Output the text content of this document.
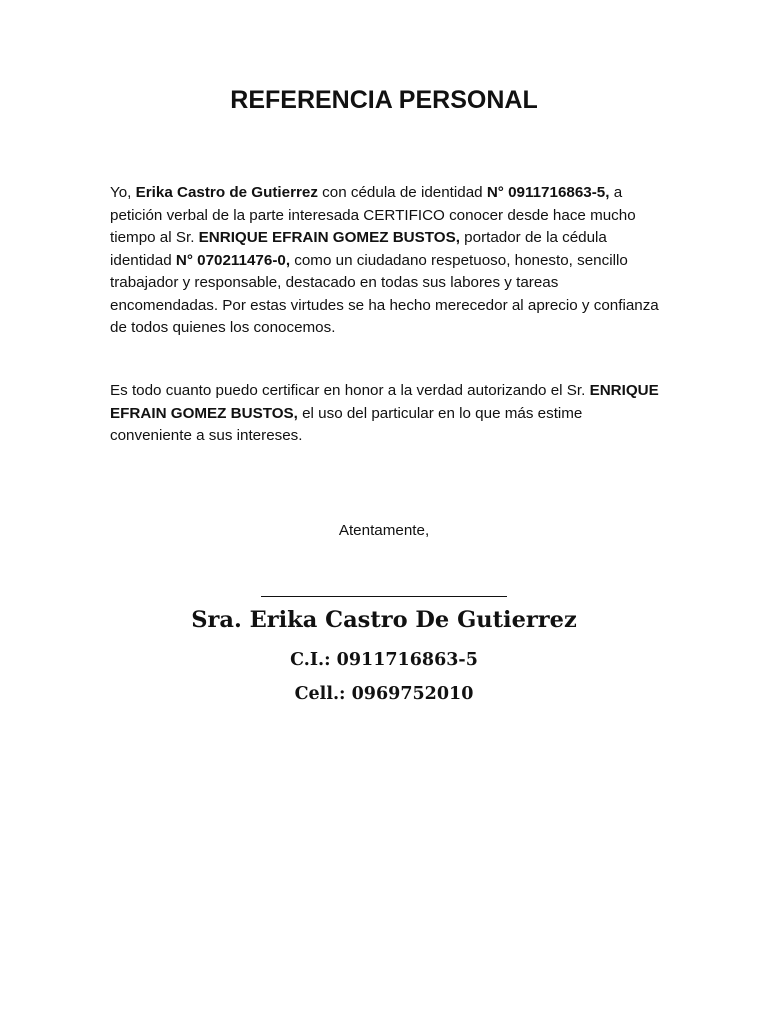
REFERENCIA PERSONAL

Yo, Erika Castro de Gutierrez con cédula de identidad N° 0911716863-5, a petición verbal de la parte interesada CERTIFICO conocer desde hace mucho tiempo al Sr. ENRIQUE EFRAIN GOMEZ BUSTOS, portador de la cédula identidad N° 070211476-0, como un ciudadano respetuoso, honesto, sencillo trabajador y responsable, destacado en todas sus labores y tareas encomendadas. Por estas virtudes se ha hecho merecedor al aprecio y confianza de todos quienes los conocemos.

Es todo cuanto puedo certificar en honor a la verdad autorizando el Sr. ENRIQUE EFRAIN GOMEZ BUSTOS, el uso del particular en lo que más estime conveniente a sus intereses.

Atentamente,
Sra. Erika Castro De Gutierrez
C.I.: 0911716863-5
Cell.: 0969752010
